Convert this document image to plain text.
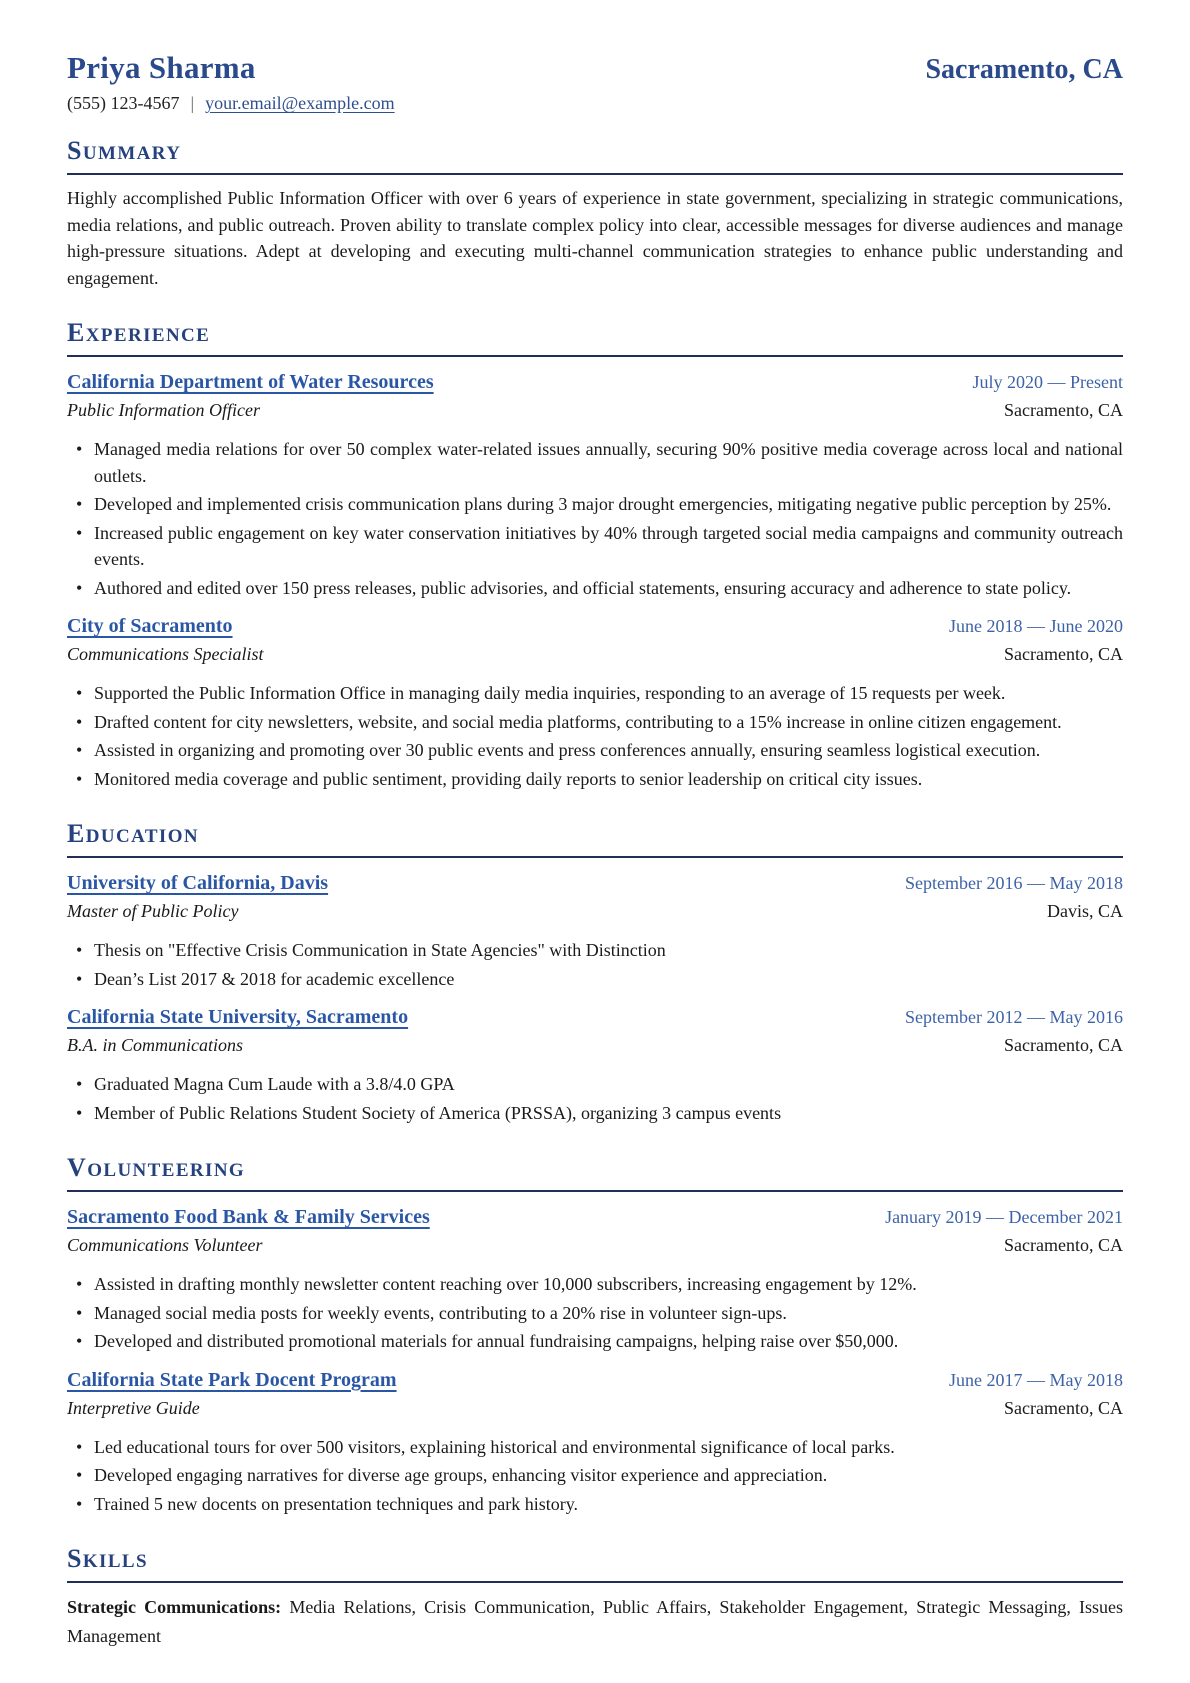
Priya Sharma	Sacramento, CA
(555) 123-4567 | your.email@example.com
SUMMARY

Highly accomplished Public Information Officer with over 6 years of experience in state government, specializing in strategic communications, media relations, and public outreach. Proven ability to translate complex policy into clear, accessible messages for diverse audiences and manage high-pressure situations. Adept at developing and executing multi-channel communication strategies to enhance public understanding and engagement.

EXPERIENCE
California Department of Water Resources	July 2020 — Present
Public Information Officer	Sacramento, CA
• Managed media relations for over 50 complex water-related issues annually, securing 90% positive media coverage across local and national outlets.
• Developed and implemented crisis communication plans during 3 major drought emergencies, mitigating negative public perception by 25%.
• Increased public engagement on key water conservation initiatives by 40% through targeted social media campaigns and community outreach events.
• Authored and edited over 150 press releases, public advisories, and official statements, ensuring accuracy and adherence to state policy.
City of Sacramento	June 2018 — June 2020
Communications Specialist	Sacramento, CA
• Supported the Public Information Office in managing daily media inquiries, responding to an average of 15 requests per week.
• Drafted content for city newsletters, website, and social media platforms, contributing to a 15% increase in online citizen engagement.
• Assisted in organizing and promoting over 30 public events and press conferences annually, ensuring seamless logistical execution.
• Monitored media coverage and public sentiment, providing daily reports to senior leadership on critical city issues.
EDUCATION
University of California, Davis	September 2016 — May 2018
Master of Public Policy	Davis, CA
• Thesis on "Effective Crisis Communication in State Agencies" with Distinction
• Dean’s List 2017 & 2018 for academic excellence
California State University, Sacramento	September 2012 — May 2016
B.A. in Communications	Sacramento, CA
• Graduated Magna Cum Laude with a 3.8/4.0 GPA
• Member of Public Relations Student Society of America (PRSSA), organizing 3 campus events
VOLUNTEERING
Sacramento Food Bank & Family Services	January 2019 — December 2021
Communications Volunteer	Sacramento, CA
• Assisted in drafting monthly newsletter content reaching over 10,000 subscribers, increasing engagement by 12%.
• Managed social media posts for weekly events, contributing to a 20% rise in volunteer sign-ups.
• Developed and distributed promotional materials for annual fundraising campaigns, helping raise over $50,000.
California State Park Docent Program	June 2017 — May 2018
Interpretive Guide	Sacramento, CA
• Led educational tours for over 500 visitors, explaining historical and environmental significance of local parks.
• Developed engaging narratives for diverse age groups, enhancing visitor experience and appreciation.
• Trained 5 new docents on presentation techniques and park history.
SKILLS

Strategic Communications: Media Relations, Crisis Communication, Public Affairs, Stakeholder Engagement, Strategic Messaging, Issues Management
